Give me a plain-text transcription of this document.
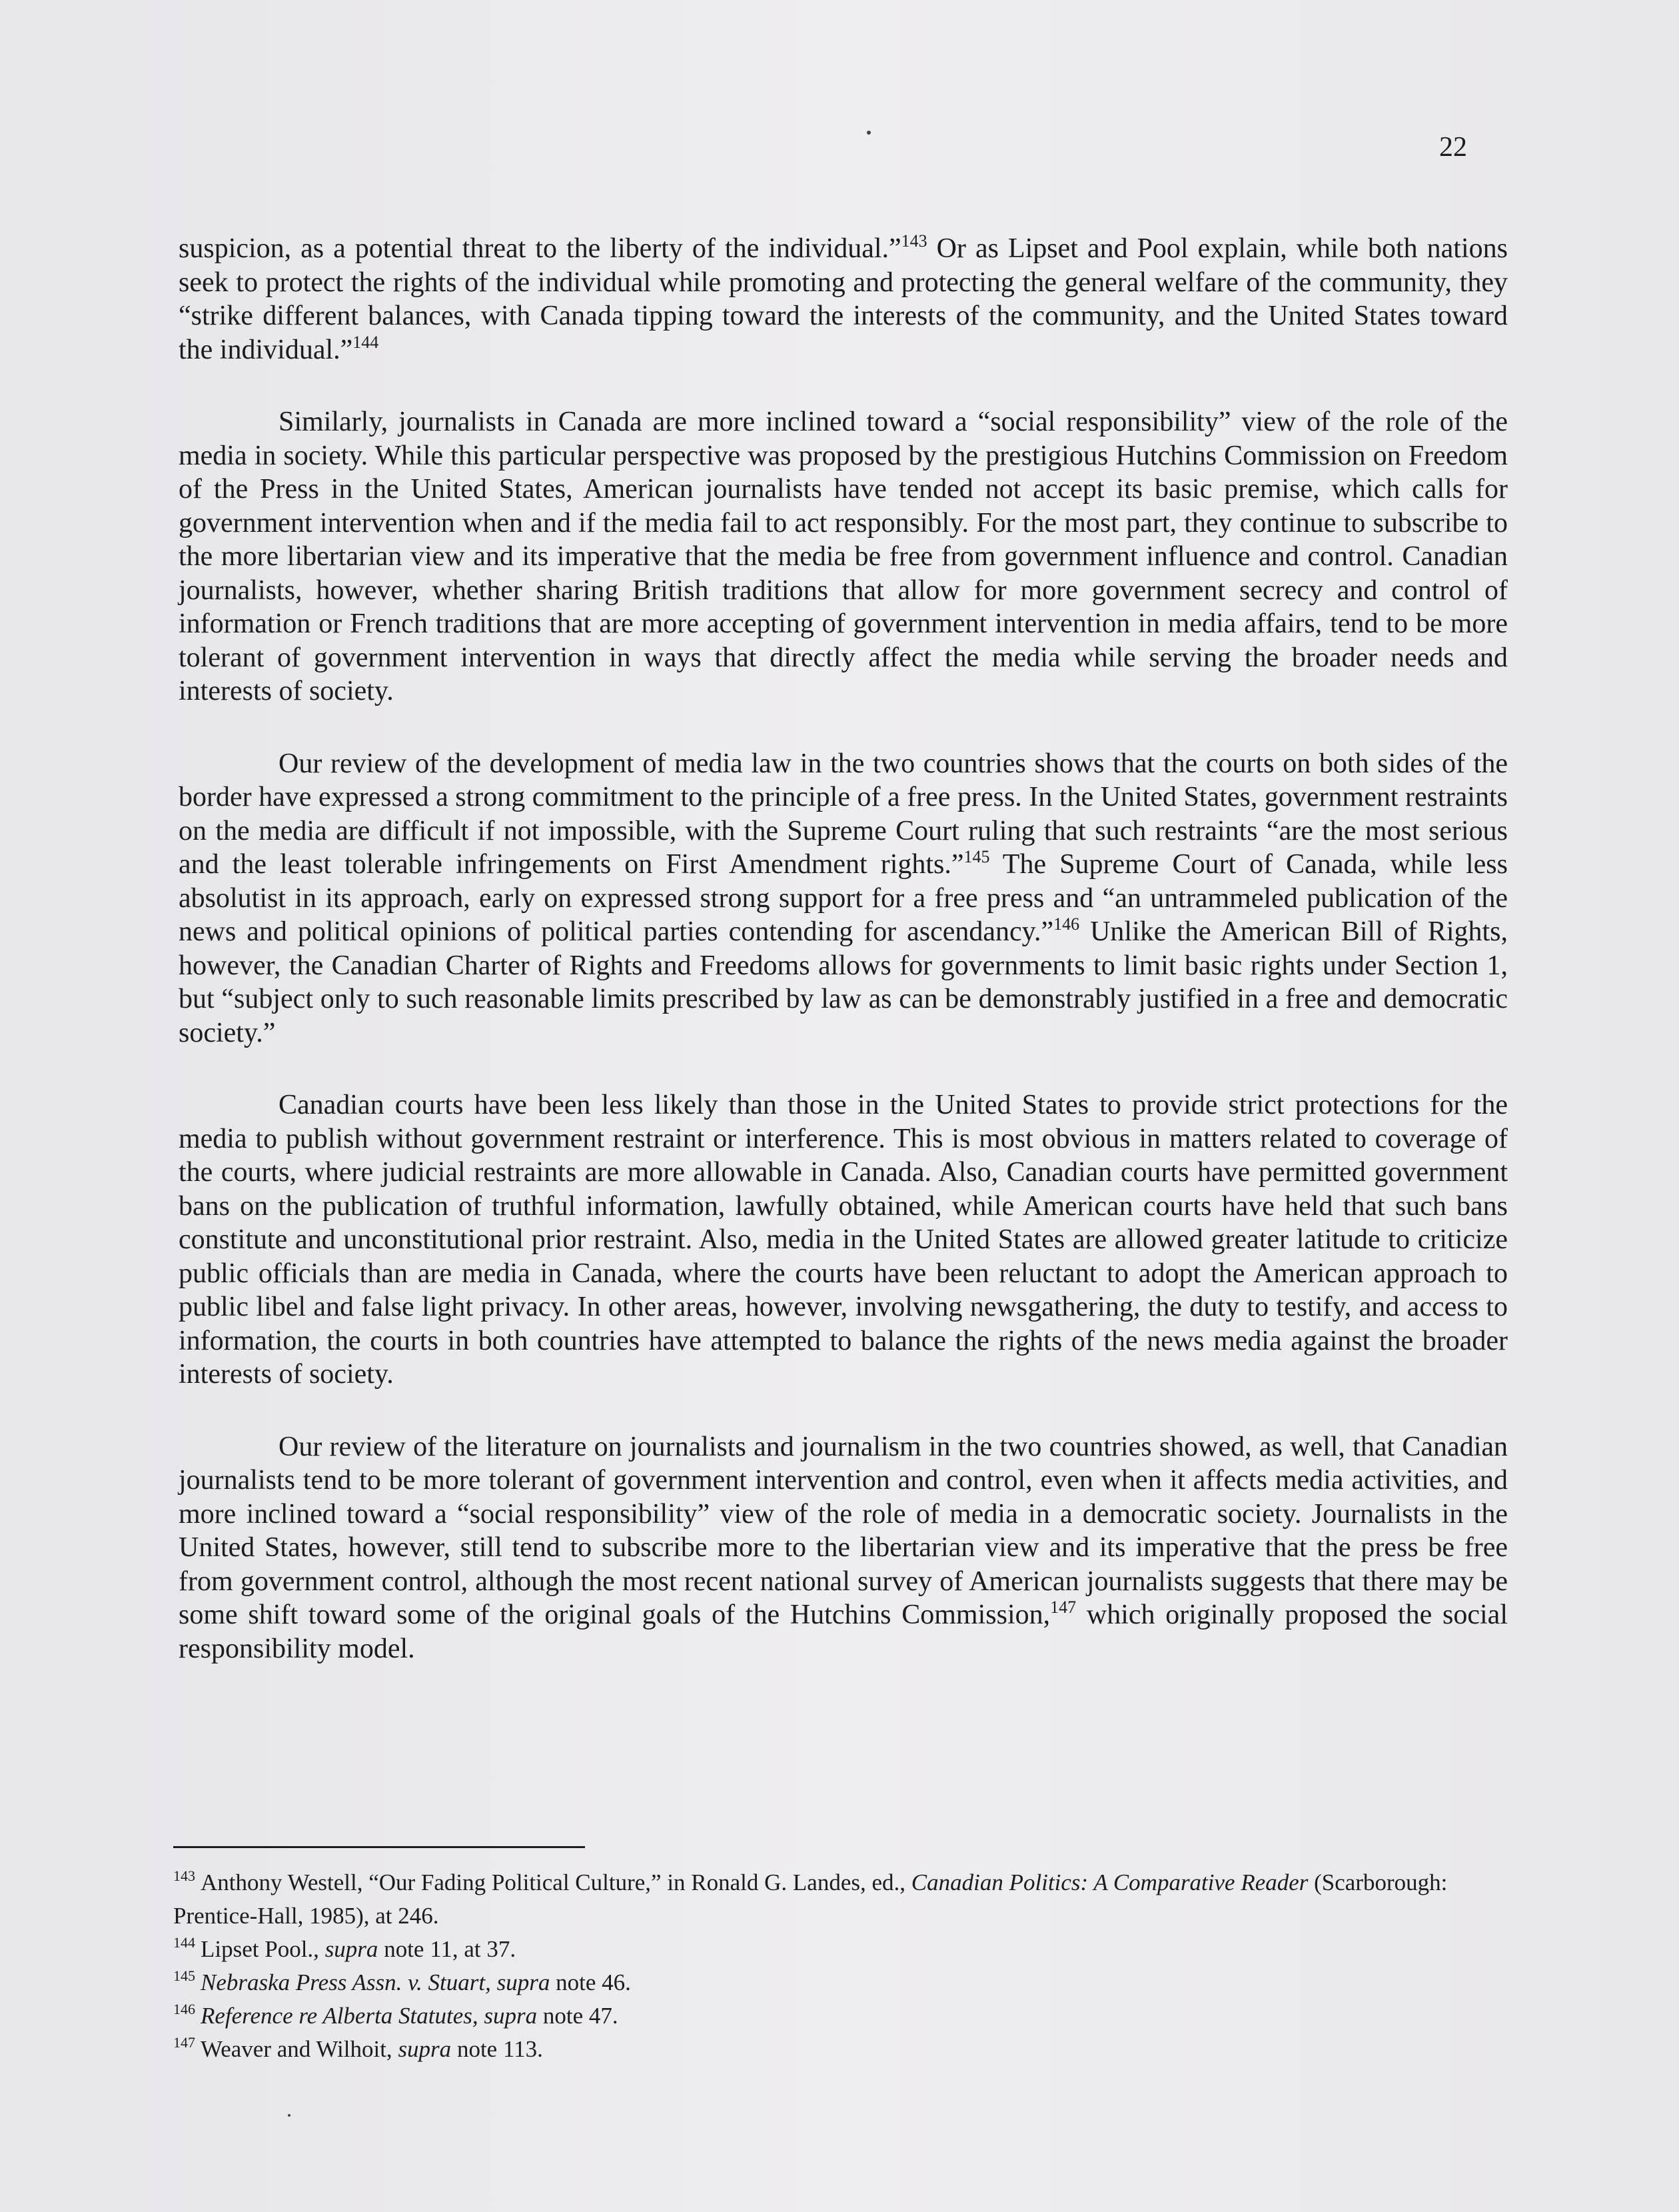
22

suspicion, as a potential threat to the liberty of the individual.”$^{143}$ Or as Lipset and Pool explain, while both nations seek to protect the rights of the individual while promoting and protecting the general welfare of the community, they “strike different balances, with Canada tipping toward the interests of the community, and the United States toward the individual.”$^{144}$

Similarly, journalists in Canada are more inclined toward a “social responsibility” view of the role of the media in society. While this particular perspective was proposed by the prestigious Hutchins Commission on Freedom of the Press in the United States, American journalists have tended not accept its basic premise, which calls for government intervention when and if the media fail to act responsibly. For the most part, they continue to subscribe to the more libertarian view and its imperative that the media be free from government influence and control. Canadian journalists, however, whether sharing British traditions that allow for more government secrecy and control of information or French traditions that are more accepting of government intervention in media affairs, tend to be more tolerant of government intervention in ways that directly affect the media while serving the broader needs and interests of society.

Our review of the development of media law in the two countries shows that the courts on both sides of the border have expressed a strong commitment to the principle of a free press. In the United States, government restraints on the media are difficult if not impossible, with the Supreme Court ruling that such restraints “are the most serious and the least tolerable infringements on First Amendment rights.”$^{145}$ The Supreme Court of Canada, while less absolutist in its approach, early on expressed strong support for a free press and “an untrammeled publication of the news and political opinions of political parties contending for ascendancy.”$^{146}$ Unlike the American Bill of Rights, however, the Canadian Charter of Rights and Freedoms allows for governments to limit basic rights under Section 1, but “subject only to such reasonable limits prescribed by law as can be demonstrably justified in a free and democratic society.”

Canadian courts have been less likely than those in the United States to provide strict protections for the media to publish without government restraint or interference. This is most obvious in matters related to coverage of the courts, where judicial restraints are more allowable in Canada. Also, Canadian courts have permitted government bans on the publication of truthful information, lawfully obtained, while American courts have held that such bans constitute and unconstitutional prior restraint. Also, media in the United States are allowed greater latitude to criticize public officials than are media in Canada, where the courts have been reluctant to adopt the American approach to public libel and false light privacy. In other areas, however, involving newsgathering, the duty to testify, and access to information, the courts in both countries have attempted to balance the rights of the news media against the broader interests of society.

Our review of the literature on journalists and journalism in the two countries showed, as well, that Canadian journalists tend to be more tolerant of government intervention and control, even when it affects media activities, and more inclined toward a “social responsibility” view of the role of media in a democratic society. Journalists in the United States, however, still tend to subscribe more to the libertarian view and its imperative that the press be free from government control, although the most recent national survey of American journalists suggests that there may be some shift toward some of the original goals of the Hutchins Commission,$^{147}$ which originally proposed the social responsibility model.

$^{143}$ Anthony Westell, “Our Fading Political Culture,” in Ronald G. Landes, ed., Canadian Politics: A Comparative Reader (Scarborough: Prentice-Hall, 1985), at 246.

$^{144}$ Lipset Pool., supra note 11, at 37.

$^{145}$ Nebraska Press Assn. v. Stuart, supra note 46.

$^{146}$ Reference re Alberta Statutes, supra note 47.

$^{147}$ Weaver and Wilhoit, supra note 113.
